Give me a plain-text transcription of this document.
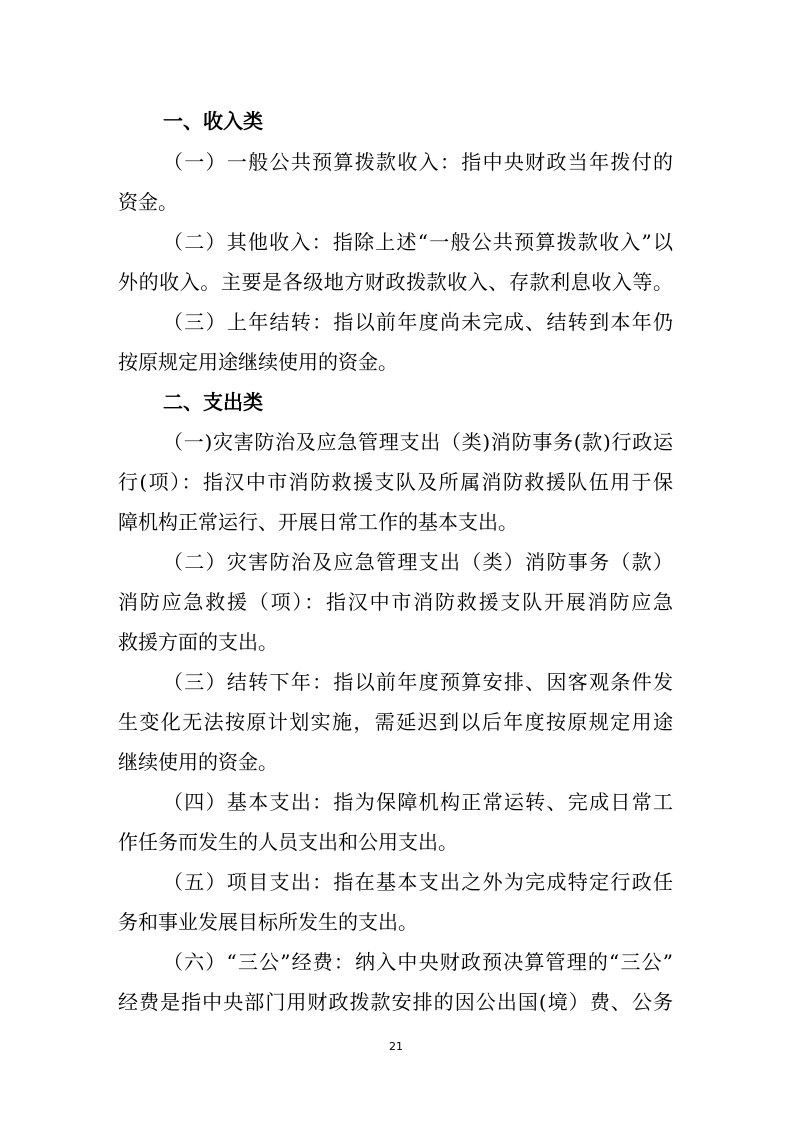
一、收入类
（一）一般公共预算拨款收入：指中央财政当年拨付的
资金。
（二）其他收入：指除上述“一般公共预算拨款收入”以
外的收入。主要是各级地方财政拨款收入、存款利息收入等。
（三）上年结转：指以前年度尚未完成、结转到本年仍
按原规定用途继续使用的资金。
二、支出类
（一)灾害防治及应急管理支出（类)消防事务(款)行政运
行(项）：指汉中市消防救援支队及所属消防救援队伍用于保
障机构正常运行、开展日常工作的基本支出。
（二）灾害防治及应急管理支出（类）消防事务（款）
消防应急救援（项）：指汉中市消防救援支队开展消防应急
救援方面的支出。
（三）结转下年：指以前年度预算安排、因客观条件发
生变化无法按原计划实施，需延迟到以后年度按原规定用途
继续使用的资金。
（四）基本支出：指为保障机构正常运转、完成日常工
作任务而发生的人员支出和公用支出。
（五）项目支出：指在基本支出之外为完成特定行政任
务和事业发展目标所发生的支出。
（六）“三公”经费：纳入中央财政预决算管理的“三公”
经费是指中央部门用财政拨款安排的因公出国(境）费、公务
21
